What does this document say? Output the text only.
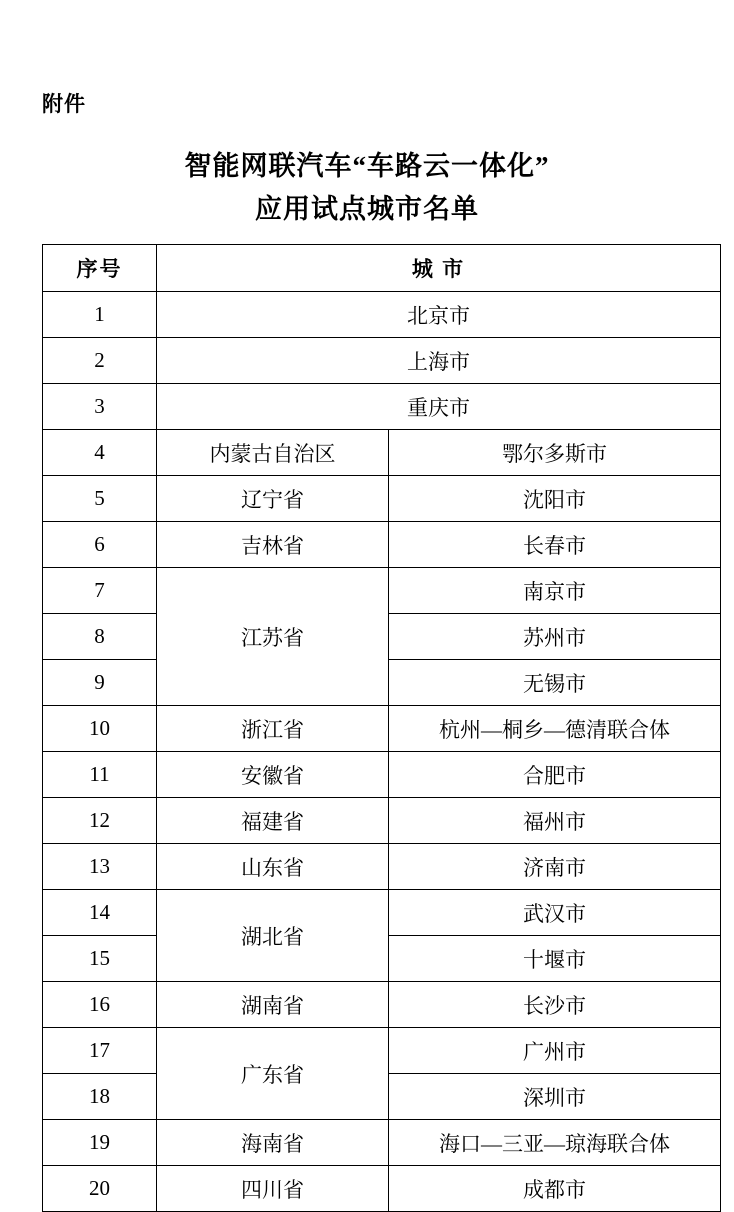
附件
智能网联汽车“车路云一体化”
应用试点城市名单
序号	城 市	
1	北京市	
2	上海市	
3	重庆市	
4	内蒙古自治区	鄂尔多斯市
5	辽宁省	沈阳市
6	吉林省	长春市
7	江苏省	南京市
8		苏州市
9		无锡市
10	浙江省	杭州—桐乡—德清联合体
11	安徽省	合肥市
12	福建省	福州市
13	山东省	济南市
14	湖北省	武汉市
15		十堰市
16	湖南省	长沙市
17	广东省	广州市
18		深圳市
19	海南省	海口—三亚—琼海联合体
20	四川省	成都市
